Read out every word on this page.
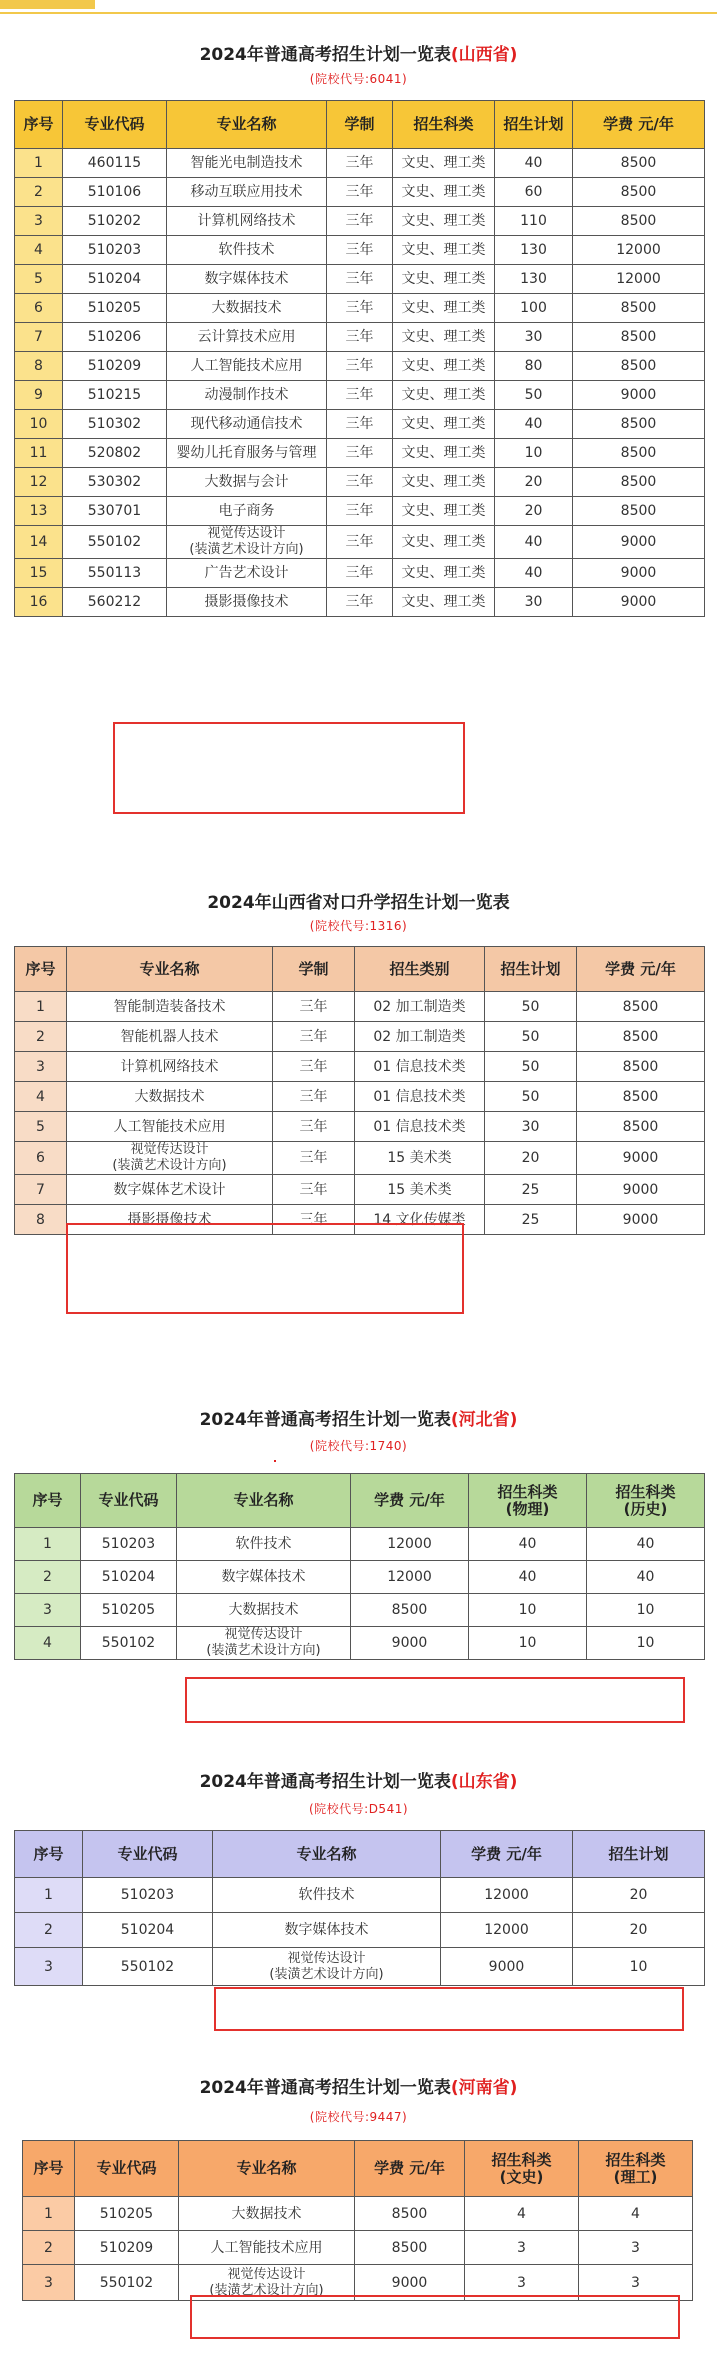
2024年普通高考招生计划一览表(山西省)
(院校代号:6041)
序号	专业代码	专业名称	学制	招生科类	招生计划	学费 元/年
1	460115	智能光电制造技术	三年	文史、理工类	40	8500
2	510106	移动互联应用技术	三年	文史、理工类	60	8500
3	510202	计算机网络技术	三年	文史、理工类	110	8500
4	510203	软件技术	三年	文史、理工类	130	12000
5	510204	数字媒体技术	三年	文史、理工类	130	12000
6	510205	大数据技术	三年	文史、理工类	100	8500
7	510206	云计算技术应用	三年	文史、理工类	30	8500
8	510209	人工智能技术应用	三年	文史、理工类	80	8500
9	510215	动漫制作技术	三年	文史、理工类	50	9000
10	510302	现代移动通信技术	三年	文史、理工类	40	8500
11	520802	婴幼儿托育服务与管理	三年	文史、理工类	10	8500
12	530302	大数据与会计	三年	文史、理工类	20	8500
13	530701	电子商务	三年	文史、理工类	20	8500
14	550102	视觉传达设计
(装潢艺术设计方向)	三年	文史、理工类	40	9000
15	550113	广告艺术设计	三年	文史、理工类	40	9000
16	560212	摄影摄像技术	三年	文史、理工类	30	9000
2024年山西省对口升学招生计划一览表
(院校代号:1316)
序号	专业名称	学制	招生类别	招生计划	学费 元/年
1	智能制造装备技术	三年	02 加工制造类	50	8500
2	智能机器人技术	三年	02 加工制造类	50	8500
3	计算机网络技术	三年	01 信息技术类	50	8500
4	大数据技术	三年	01 信息技术类	50	8500
5	人工智能技术应用	三年	01 信息技术类	30	8500
6	视觉传达设计
(装潢艺术设计方向)	三年	15 美术类	20	9000
7	数字媒体艺术设计	三年	15 美术类	25	9000
8	摄影摄像技术	三年	14 文化传媒类	25	9000
2024年普通高考招生计划一览表(河北省)
(院校代号:1740)
序号	专业代码	专业名称	学费 元/年	招生科类
(物理)	招生科类
(历史)
1	510203	软件技术	12000	40	40
2	510204	数字媒体技术	12000	40	40
3	510205	大数据技术	8500	10	10
4	550102	视觉传达设计
(装潢艺术设计方向)	9000	10	10
2024年普通高考招生计划一览表(山东省)
(院校代号:D541)
序号	专业代码	专业名称	学费 元/年	招生计划
1	510203	软件技术	12000	20
2	510204	数字媒体技术	12000	20
3	550102	视觉传达设计
(装潢艺术设计方向)	9000	10
2024年普通高考招生计划一览表(河南省)
(院校代号:9447)
序号	专业代码	专业名称	学费 元/年	招生科类
(文史)	招生科类
(理工)
1	510205	大数据技术	8500	4	4
2	510209	人工智能技术应用	8500	3	3
3	550102	视觉传达设计
(装潢艺术设计方向)	9000	3	3
